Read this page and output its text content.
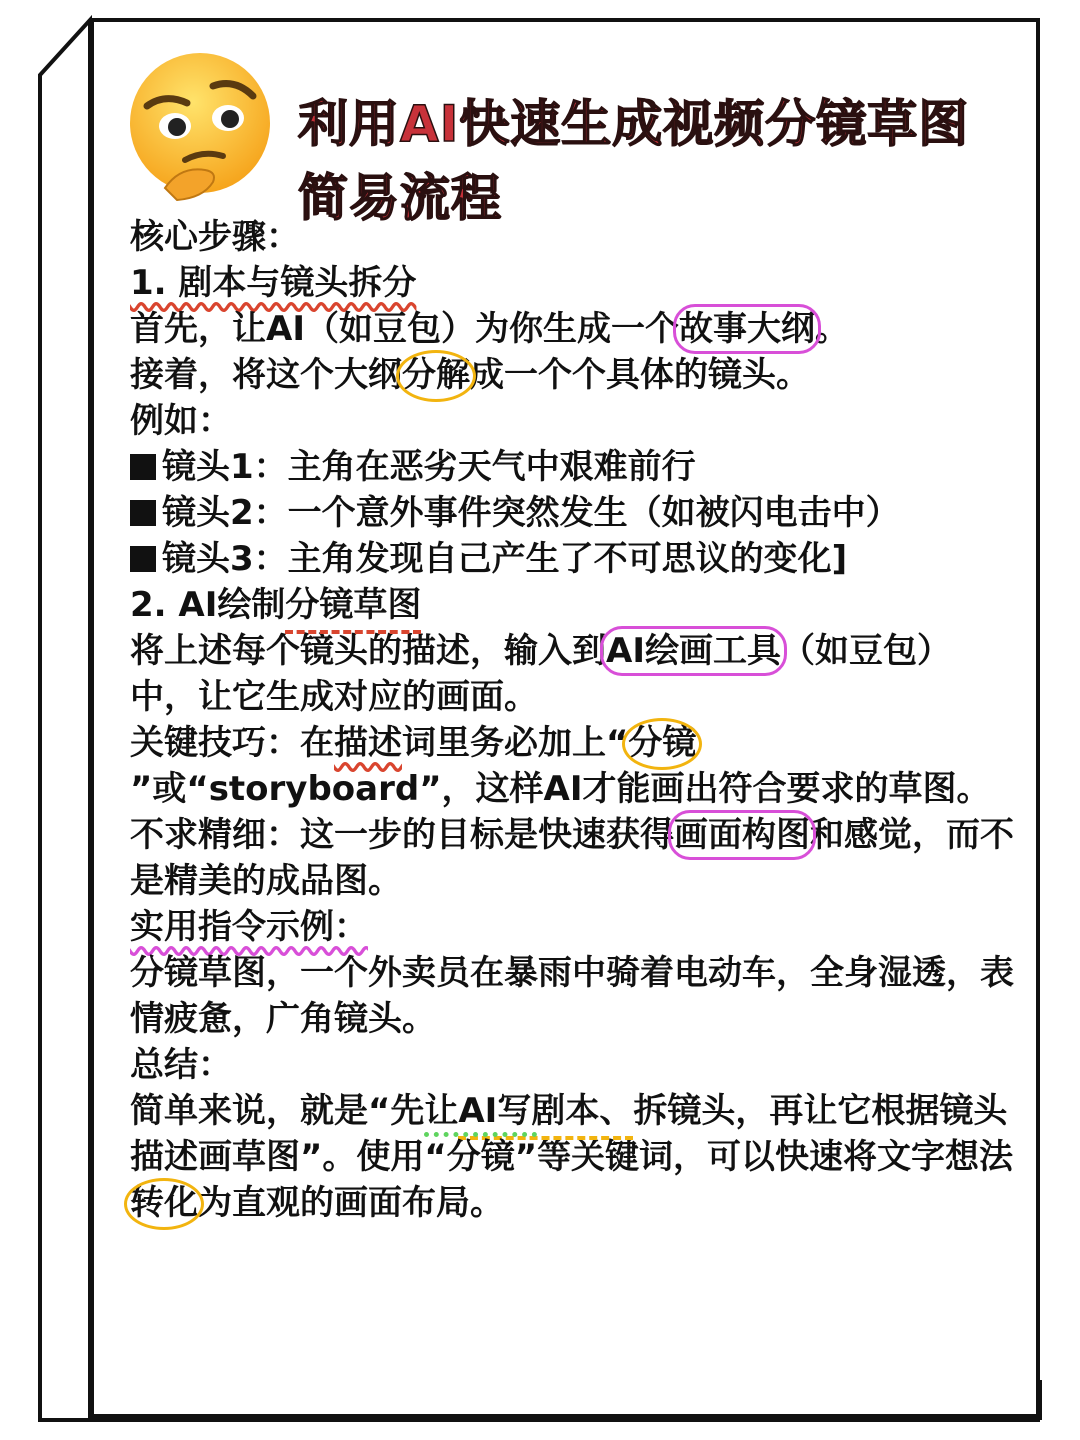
利用AI快速生成视频分镜草图
简易流程

核心步骤：

1. 剧本与镜头拆分

首先，让AI（如豆包）为你生成一个故事大纲
。
接着，将这个大纲分解
成一个个具体的镜头。

例如：

镜头1：主角在恶劣天气中艰难前行

镜头2：一个意外事件突然发生（如被闪电击中）

镜头3：主角发现自己产生了不可思议的变化]

2. AI绘制分镜草图

将上述每个镜头的描述，输入到AI绘画工具
（如豆包）中，让它生成对应的画面。

关键技巧：在描述词里务必加上“分镜
”或“storyboard”，这样AI才能画出符合要求的草图。

不求精细：这一步的目标是快速获得画面构图
和感觉，而不是精美的成品图。

实用指令示例：

分镜草图，一个外卖员在暴雨中骑着电动车，全身湿透，表情疲惫，广角镜头。

总结：

简单来说，就是“先让AI写剧本、
拆镜头，再让它根据镜头描述画草图”。使用“分镜”
等关键词，可以快速将文字想法转化
为直观的画面布局。
